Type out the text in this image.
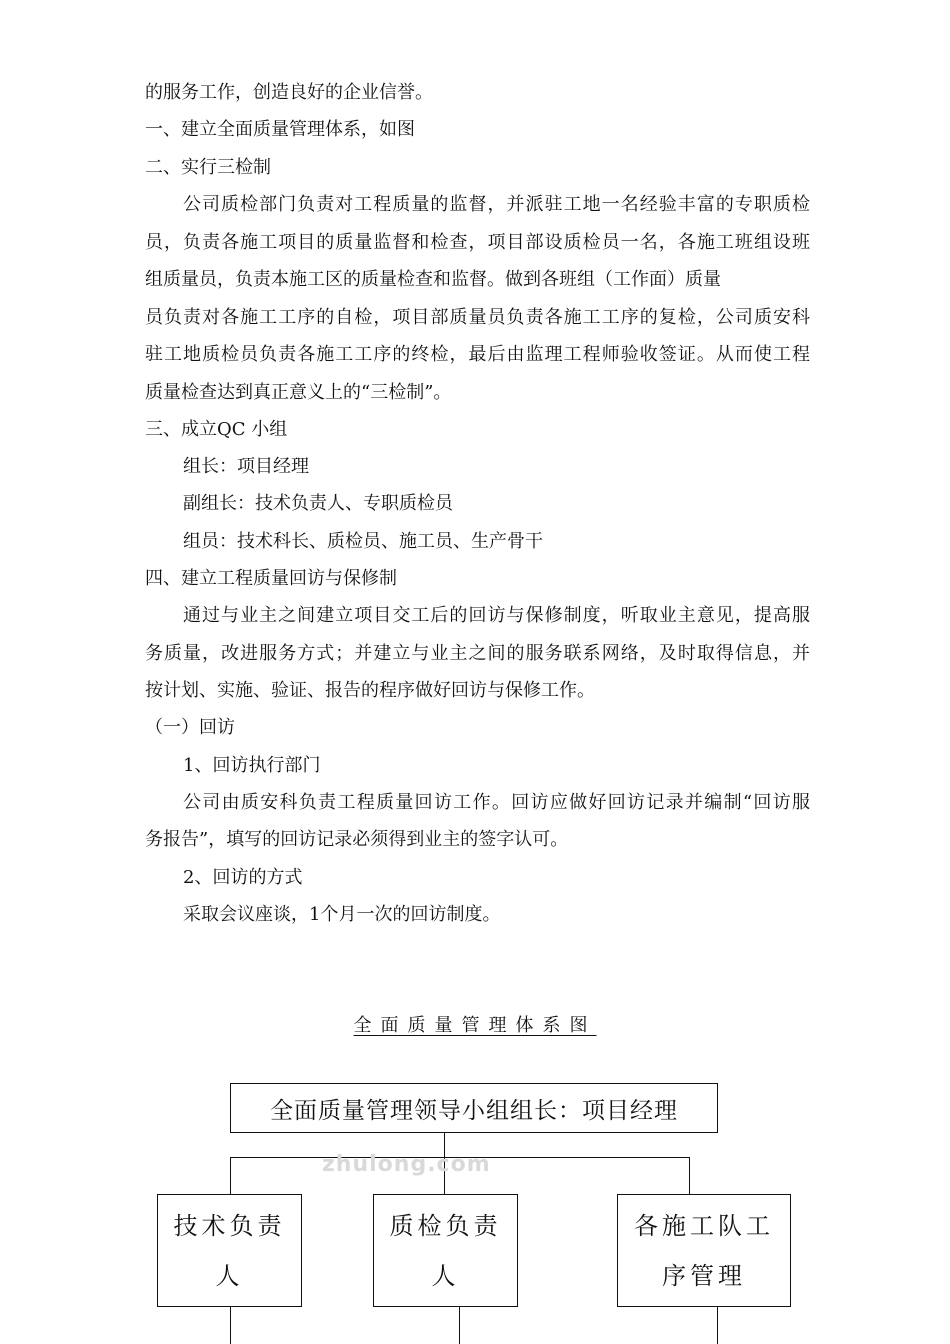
的服务工作，创造良好的企业信誉。
一、建立全面质量管理体系，如图
二、实行三检制
公司质检部门负责对工程质量的监督，并派驻工地一名经验丰富的专职质检
员，负责各施工项目的质量监督和检查，项目部设质检员一名，各施工班组设班
组质量员，负责本施工区的质量检查和监督。做到各班组（工作面）质量
员负责对各施工工序的自检，项目部质量员负责各施工工序的复检，公司质安科
驻工地质检员负责各施工工序的终检，最后由监理工程师验收签证。从而使工程
质量检查达到真正意义上的“三检制”。
三、成立QC 小组
组长：项目经理
副组长：技术负责人、专职质检员
组员：技术科长、质检员、施工员、生产骨干
四、建立工程质量回访与保修制
通过与业主之间建立项目交工后的回访与保修制度，听取业主意见，提高服
务质量，改进服务方式；并建立与业主之间的服务联系网络，及时取得信息，并
按计划、实施、验证、报告的程序做好回访与保修工作。
（一）回访
1、回访执行部门
公司由质安科负责工程质量回访工作。回访应做好回访记录并编制“回访服
务报告”，填写的回访记录必须得到业主的签字认可。
2、回访的方式
采取会议座谈，1个月一次的回访制度。
全面质量管理体系图
全面质量管理领导小组组长：项目经理
技术负责
人
质检负责
人
各施工队工
序管理
zhulong.com
